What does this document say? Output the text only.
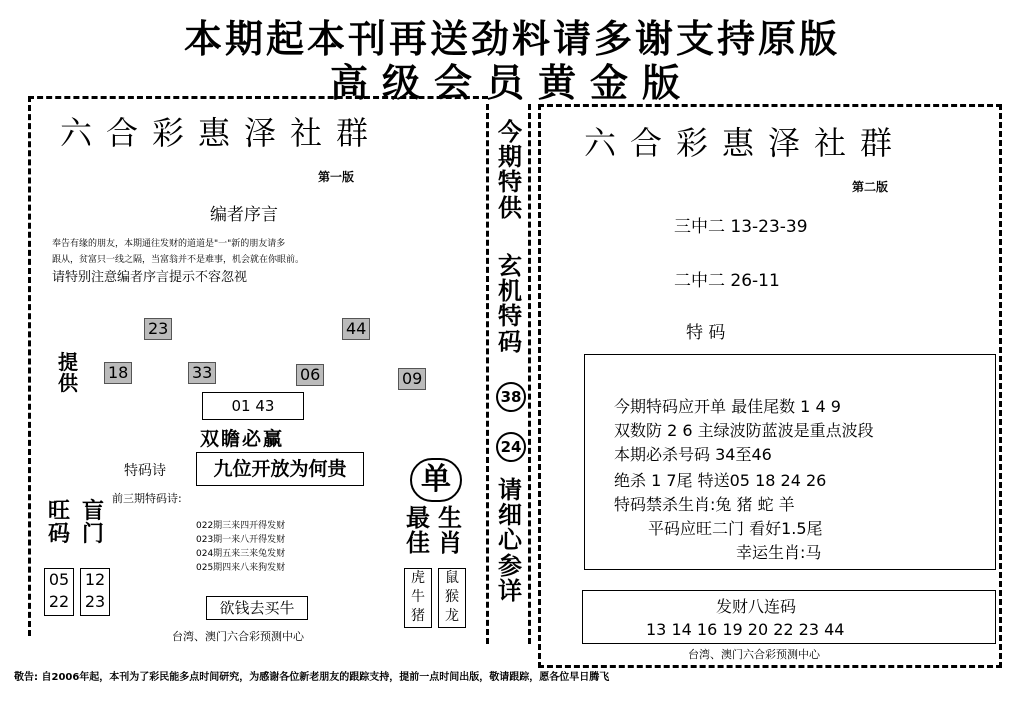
本期起本刊再送劲料请多谢支持原版
高级会员黄金版
六合彩惠泽社群
第一版
编者序言
奉告有缘的朋友，本期通往发财的道道是"一"新的朋友请多
跟从，贫富只一线之隔，当富翁并不是难事，机会就在你眼前。
请特别注意编者序言提示不容忽视
23	44
提供 18	33	06	09
01 43
双瞻必赢
特码诗	九位开放为何贵
前三期特码诗:
022期三来四开得发财
023期一来八开得发财
024期五来三来兔发财
025期四来八来狗发财
旺码
盲门
05
22
12
23	欲钱去买牛
台湾、澳门六合彩预测中心
单
最佳
生肖
虎牛猪
鼠猴龙
今期特供
玄机特码
38
24
请细心参详
六合彩惠泽社群
第二版
三中二 13-23-39
二中二 26-11
特 码
今期特码应开单 最佳尾数 1 4 9
双数防 2 6 主绿波防蓝波是重点波段
本期必杀号码 34至46
绝杀 1 7尾 特送05 18 24 26
特码禁杀生肖:兔 猪 蛇 羊
平码应旺二门 看好1.5尾
幸运生肖:马
发财八连码
13 14 16 19 20 22 23 44
台湾、澳门六合彩预测中心
敬告: 自2006年起，本刊为了彩民能多点时间研究，为感谢各位新老朋友的跟踪支持，提前一点时间出版，敬请跟踪，愿各位早日腾飞
